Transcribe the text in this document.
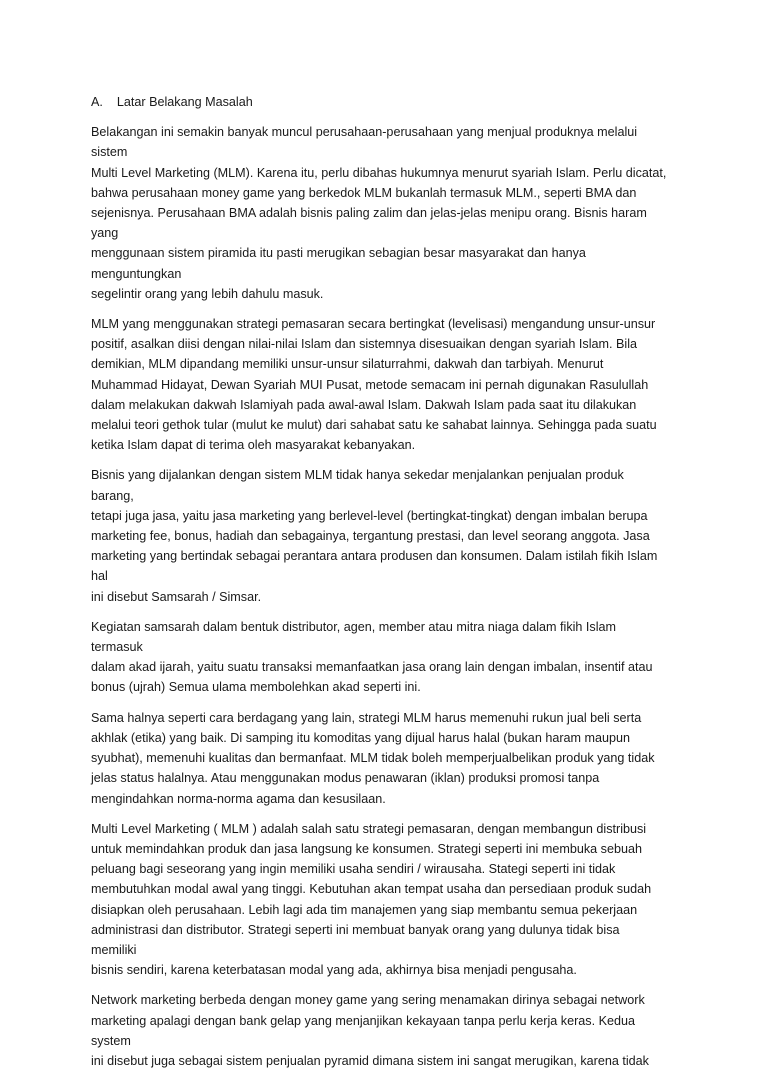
A.    Latar Belakang Masalah

Belakangan ini semakin banyak muncul perusahaan-perusahaan yang menjual produknya melalui sistem
Multi Level Marketing (MLM). Karena itu, perlu dibahas hukumnya menurut syariah Islam. Perlu dicatat,
bahwa perusahaan money game yang berkedok MLM bukanlah termasuk MLM., seperti BMA dan
sejenisnya. Perusahaan BMA adalah bisnis paling zalim dan jelas-jelas menipu orang. Bisnis haram yang
menggunaan sistem piramida itu pasti merugikan sebagian besar masyarakat dan hanya menguntungkan
segelintir orang yang lebih dahulu masuk.

MLM yang menggunakan strategi pemasaran secara bertingkat (levelisasi) mengandung unsur-unsur
positif, asalkan diisi dengan nilai-nilai Islam dan sistemnya disesuaikan dengan syariah Islam. Bila
demikian, MLM dipandang memiliki unsur-unsur silaturrahmi, dakwah dan tarbiyah. Menurut
Muhammad Hidayat, Dewan Syariah MUI Pusat, metode semacam ini pernah digunakan Rasulullah
dalam melakukan dakwah Islamiyah pada awal-awal Islam. Dakwah Islam pada saat itu dilakukan
melalui teori gethok tular (mulut ke mulut) dari sahabat satu ke sahabat lainnya. Sehingga pada suatu
ketika Islam dapat di terima oleh masyarakat kebanyakan.

Bisnis yang dijalankan dengan sistem MLM tidak hanya sekedar menjalankan penjualan produk barang,
tetapi juga jasa, yaitu jasa marketing yang berlevel-level (bertingkat-tingkat) dengan imbalan berupa
marketing fee, bonus, hadiah dan sebagainya, tergantung prestasi, dan level seorang anggota. Jasa
marketing yang bertindak sebagai perantara antara produsen dan konsumen. Dalam istilah fikih Islam hal
ini disebut Samsarah / Simsar.

Kegiatan samsarah dalam bentuk distributor, agen, member atau mitra niaga dalam fikih Islam termasuk
dalam akad ijarah, yaitu suatu transaksi memanfaatkan jasa orang lain dengan imbalan, insentif atau
bonus (ujrah) Semua ulama membolehkan akad seperti ini.

Sama halnya seperti cara berdagang yang lain, strategi MLM harus memenuhi rukun jual beli serta
akhlak (etika) yang baik. Di samping itu komoditas yang dijual harus halal (bukan haram maupun
syubhat), memenuhi kualitas dan bermanfaat. MLM tidak boleh memperjualbelikan produk yang tidak
jelas status halalnya. Atau menggunakan modus penawaran (iklan) produksi promosi tanpa
mengindahkan norma-norma agama dan kesusilaan.

Multi Level Marketing ( MLM ) adalah salah satu strategi pemasaran, dengan membangun distribusi
untuk memindahkan produk dan jasa langsung ke konsumen. Strategi seperti ini membuka sebuah
peluang bagi seseorang yang ingin memiliki usaha sendiri / wirausaha. Stategi seperti ini tidak
membutuhkan modal awal yang tinggi. Kebutuhan akan tempat usaha dan persediaan produk sudah
disiapkan oleh perusahaan. Lebih lagi ada tim manajemen yang siap membantu semua pekerjaan
administrasi dan distributor. Strategi seperti ini membuat banyak orang yang dulunya tidak bisa memiliki
bisnis sendiri, karena keterbatasan modal yang ada, akhirnya bisa menjadi pengusaha.

Network marketing berbeda dengan money game yang sering menamakan dirinya sebagai network
marketing apalagi dengan bank gelap yang menjanjikan kekayaan tanpa perlu kerja keras. Kedua system
ini disebut juga sebagai sistem penjualan pyramid dimana sistem ini sangat merugikan, karena tidak
